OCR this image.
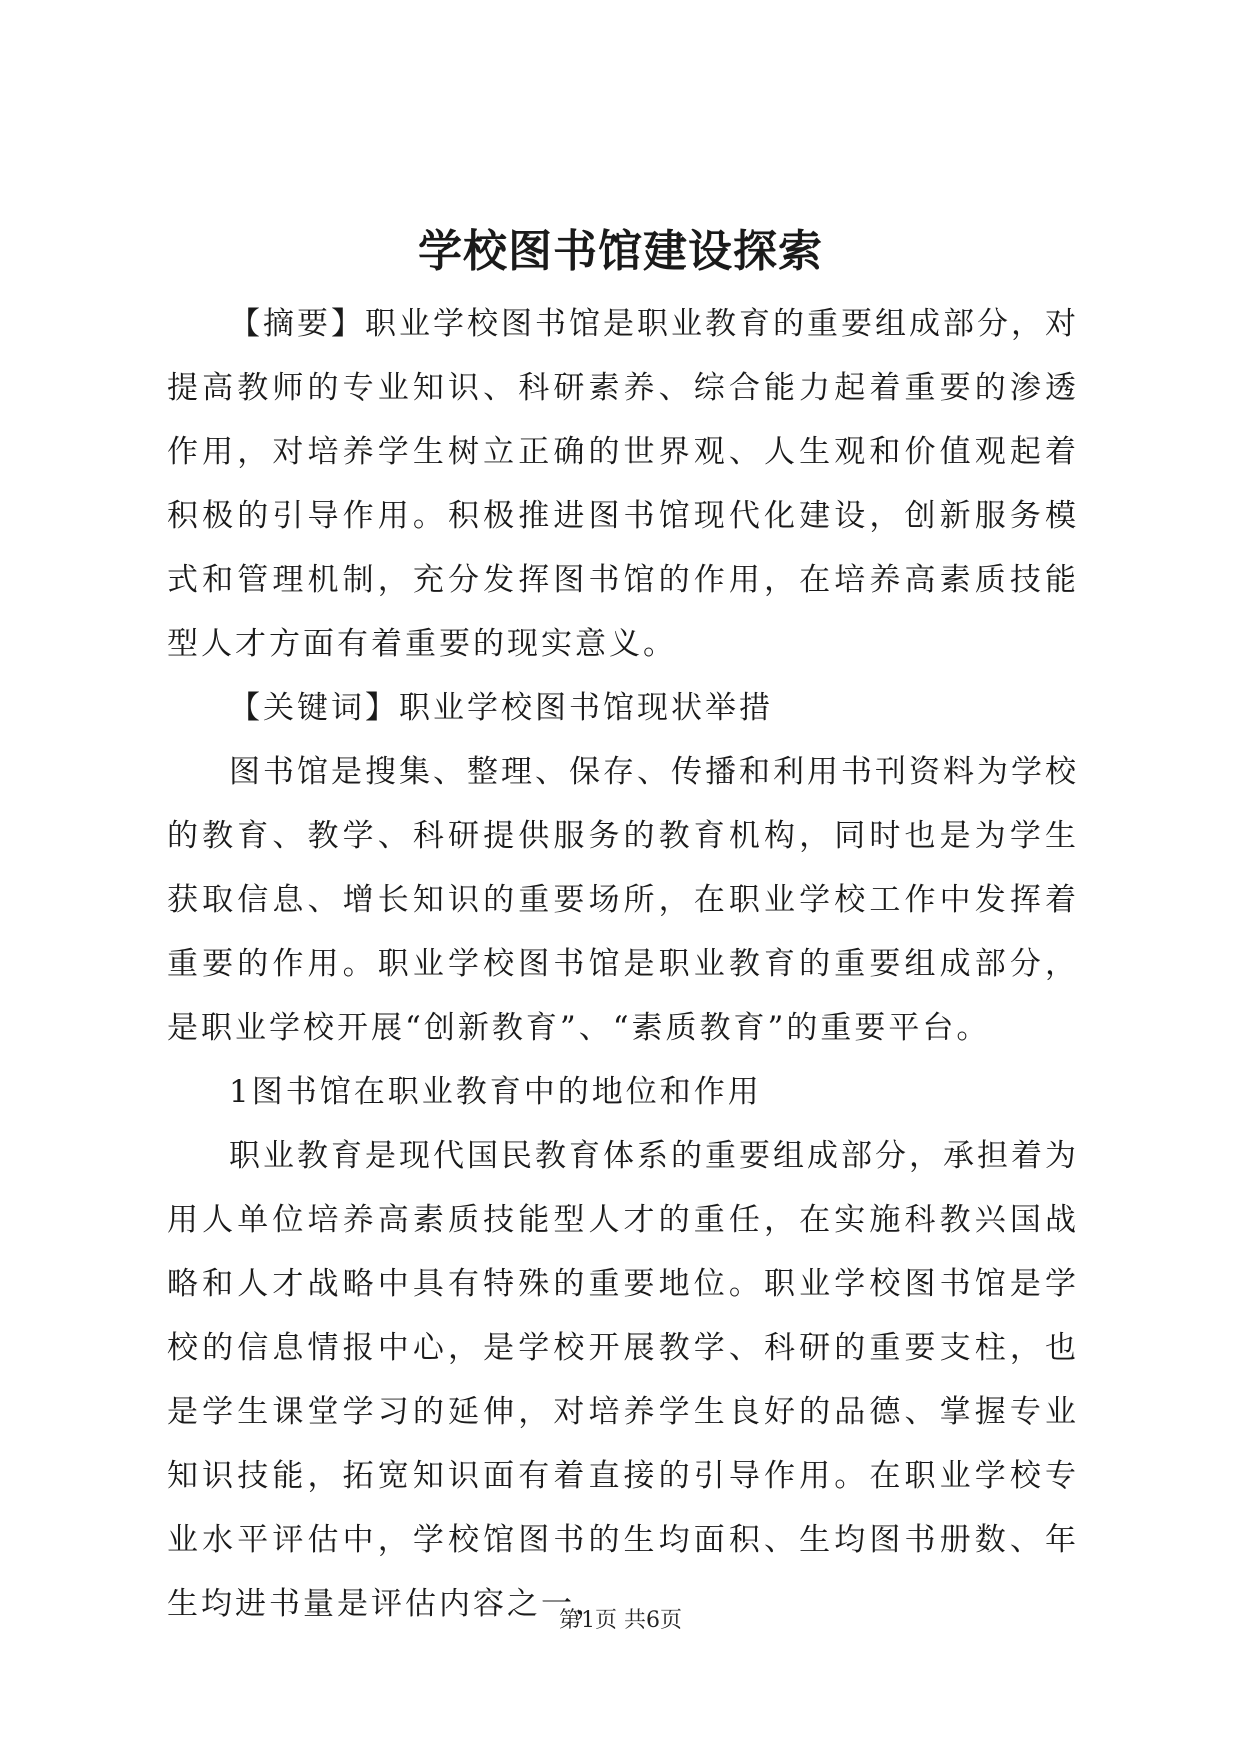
学校图书馆建设探索

【摘要】职业学校图书馆是职业教育的重要组成部分，对提高教师的专业知识、科研素养、综合能力起着重要的渗透作用，对培养学生树立正确的世界观、人生观和价值观起着积极的引导作用。积极推进图书馆现代化建设，创新服务模式和管理机制，充分发挥图书馆的作用，在培养高素质技能型人才方面有着重要的现实意义。

【关键词】职业学校图书馆现状举措

图书馆是搜集、整理、保存、传播和利用书刊资料为学校的教育、教学、科研提供服务的教育机构，同时也是为学生获取信息、增长知识的重要场所，在职业学校工作中发挥着重要的作用。职业学校图书馆是职业教育的重要组成部分，是职业学校开展“创新教育”、“素质教育”的重要平台。

1图书馆在职业教育中的地位和作用

职业教育是现代国民教育体系的重要组成部分，承担着为用人单位培养高素质技能型人才的重任，在实施科教兴国战略和人才战略中具有特殊的重要地位。职业学校图书馆是学校的信息情报中心，是学校开展教学、科研的重要支柱，也是学生课堂学习的延伸，对培养学生良好的品德、掌握专业知识技能，拓宽知识面有着直接的引导作用。在职业学校专业水平评估中，学校馆图书的生均面积、生均图书册数、年生均进书量是评估内容之一，

第1页 共6页
